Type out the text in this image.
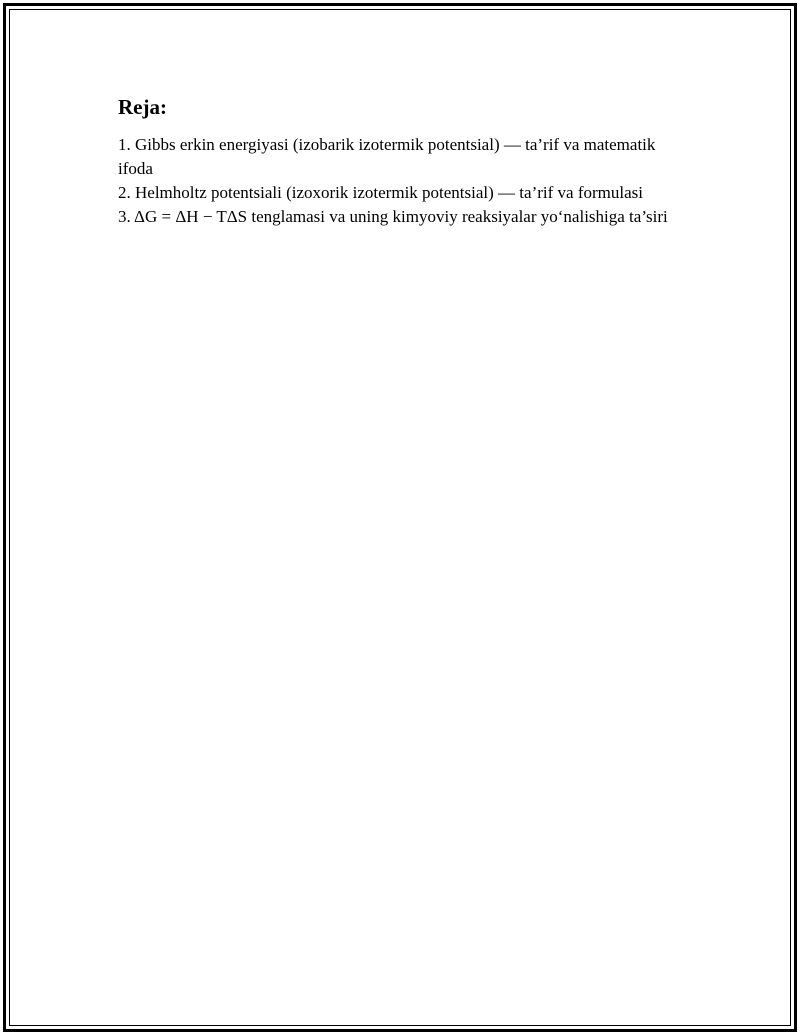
Reja:
1. Gibbs erkin energiyasi (izobarik izotermik potentsial) — ta’rif va matematik ifoda
2. Helmholtz potentsiali (izoxorik izotermik potentsial) — ta’rif va formulasi
3. ΔG = ΔH − TΔS tenglamasi va uning kimyoviy reaksiyalar yoʻnalishiga ta’siri
